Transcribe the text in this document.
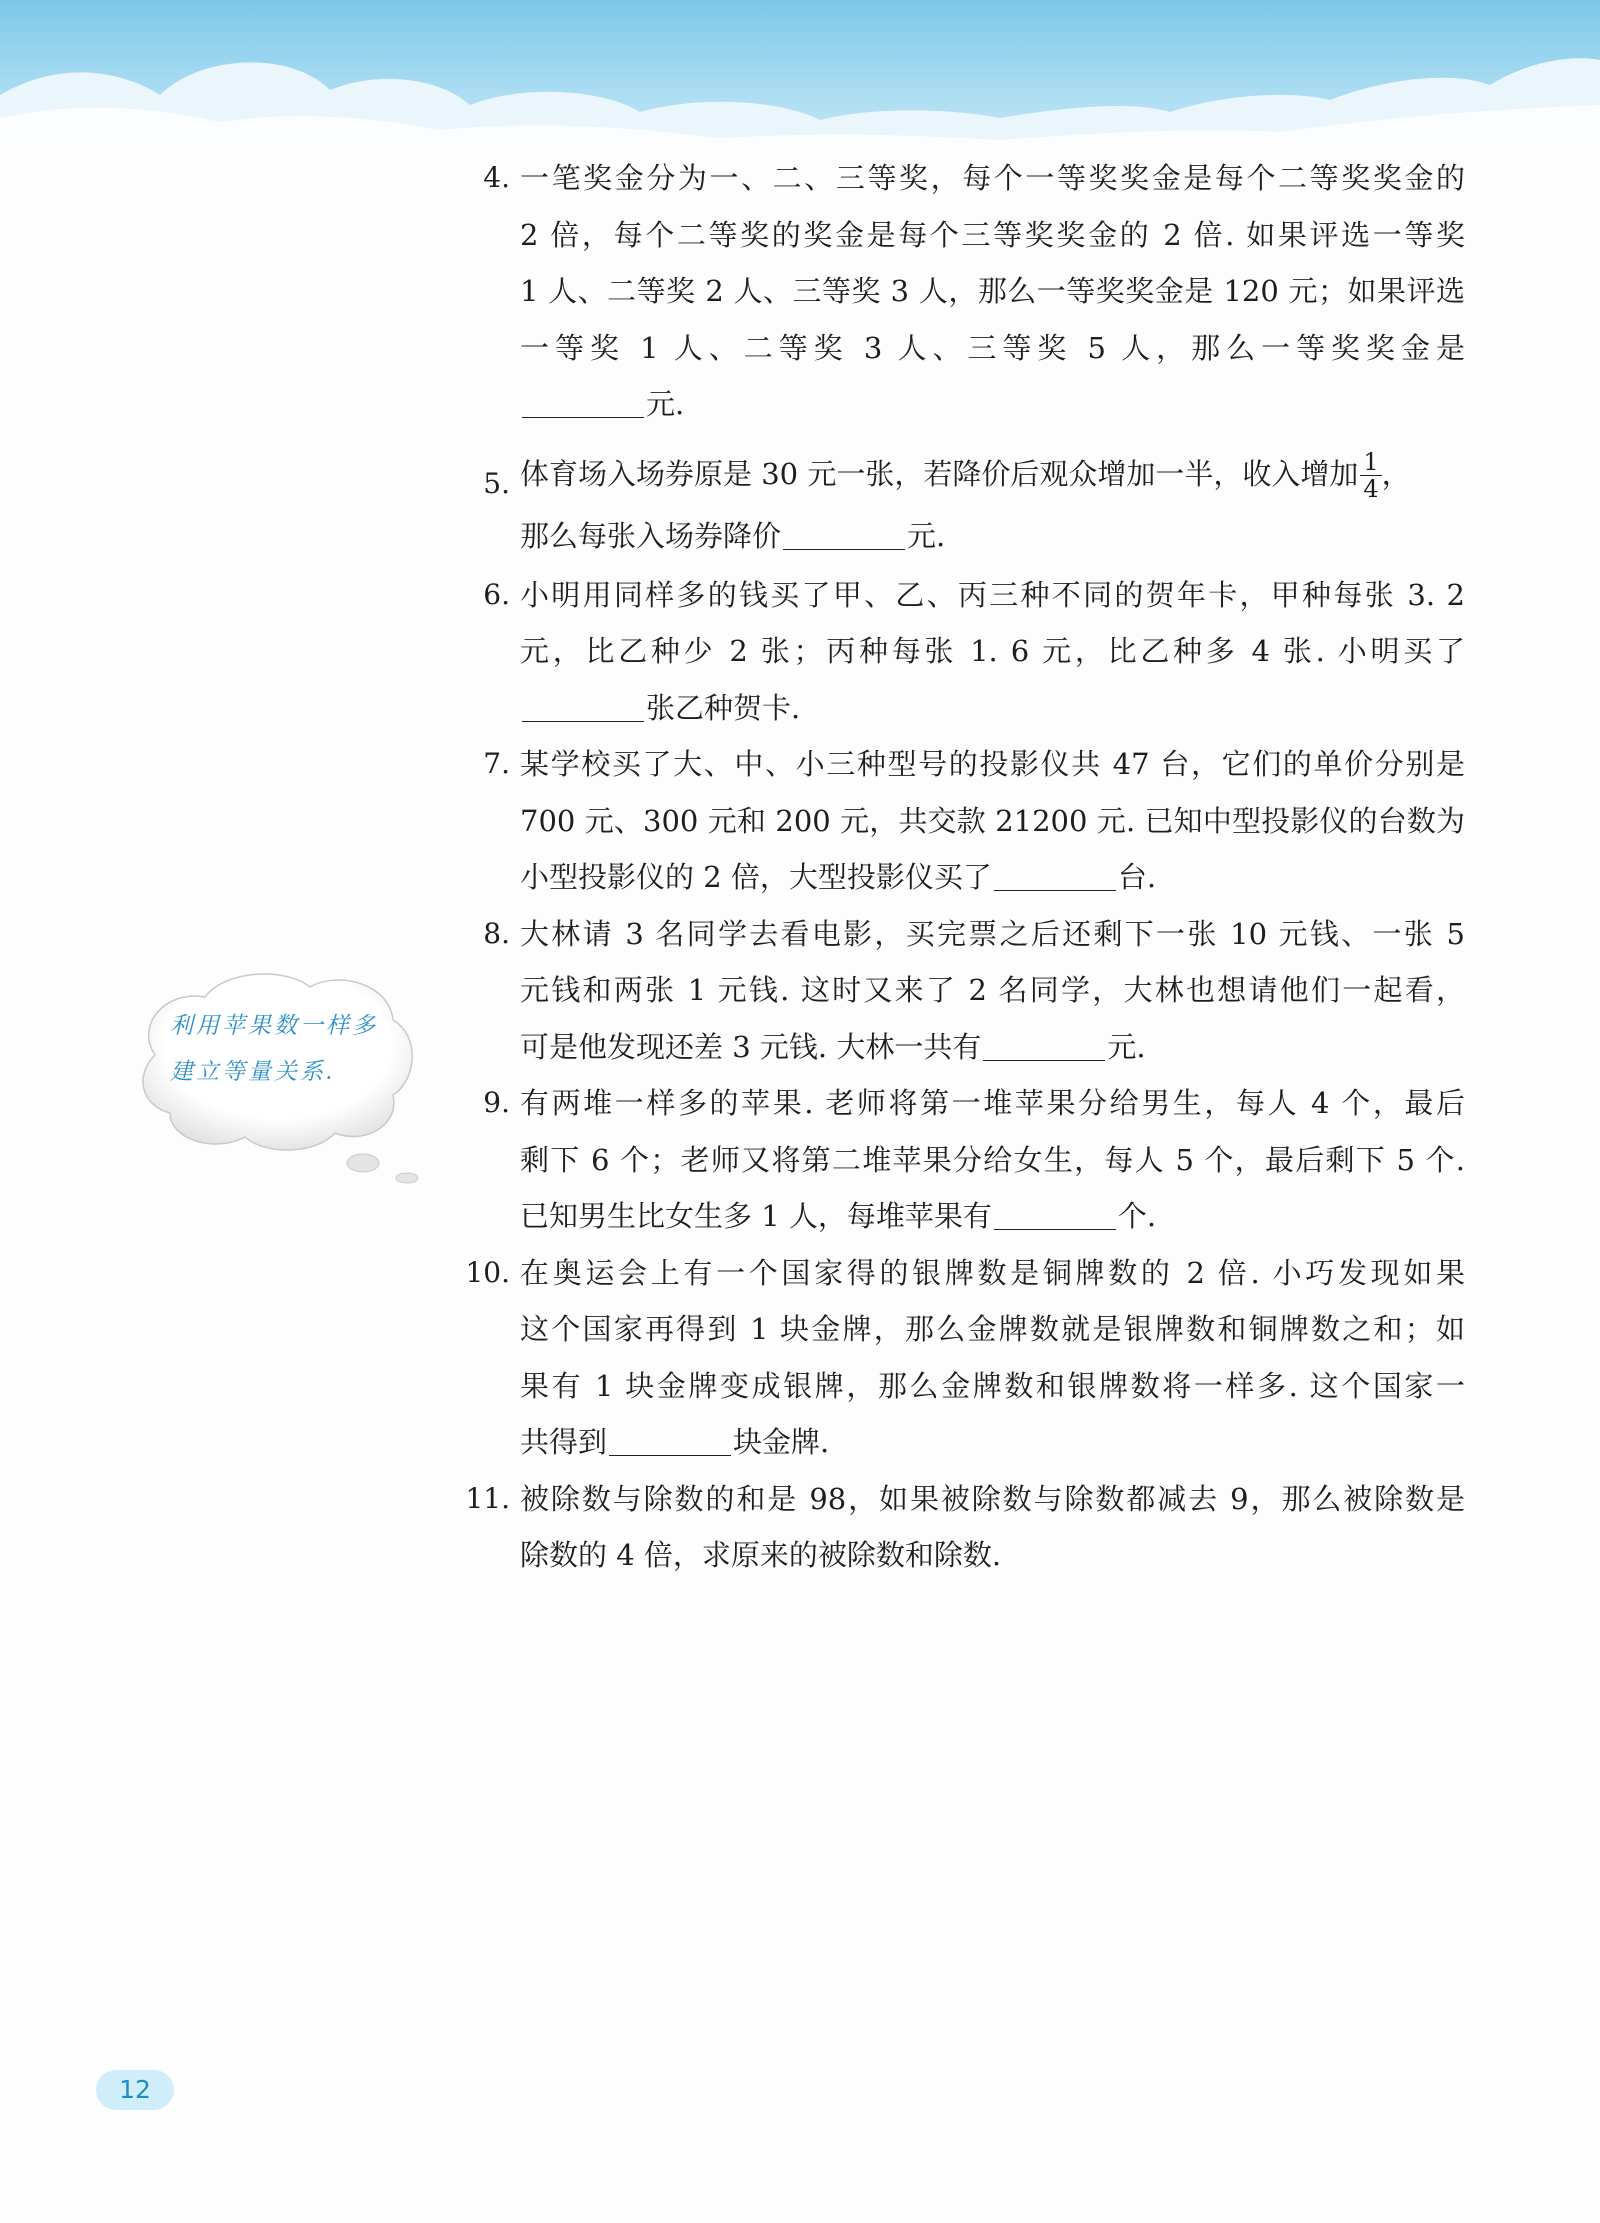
利用苹果数一样多
建立等量关系.
4. 一笔奖金分为一、二、三等奖，每个一等奖奖金是每个二等奖奖金的
2 倍，每个二等奖的奖金是每个三等奖奖金的 2 倍. 如果评选一等奖
1 人、二等奖 2 人、三等奖 3 人，那么一等奖奖金是 120 元；如果评选
一等奖 1 人、二等奖 3 人、三等奖 5 人，那么一等奖奖金是
元.
5. 体育场入场券原是 30 元一张，若降价后观众增加一半，收入增加 $\frac{1}{4}$ ，
那么每张入场券降价	元.
6. 小明用同样多的钱买了甲、乙、丙三种不同的贺年卡，甲种每张 3. 2
元，比乙种少 2 张；丙种每张 1. 6 元，比乙种多 4 张. 小明买了
张乙种贺卡.
7. 某学校买了大、中、小三种型号的投影仪共 47 台，它们的单价分别是
700 元、300 元和 200 元，共交款 21200 元. 已知中型投影仪的台数为
小型投影仪的 2 倍，大型投影仪买了	台.
8. 大林请 3 名同学去看电影，买完票之后还剩下一张 10 元钱、一张 5
元钱和两张 1 元钱. 这时又来了 2 名同学，大林也想请他们一起看，
可是他发现还差 3 元钱. 大林一共有	元.
9. 有两堆一样多的苹果. 老师将第一堆苹果分给男生，每人 4 个，最后
剩下 6 个；老师又将第二堆苹果分给女生，每人 5 个，最后剩下 5 个.
已知男生比女生多 1 人，每堆苹果有	个.
10. 在奥运会上有一个国家得的银牌数是铜牌数的 2 倍. 小巧发现如果
这个国家再得到 1 块金牌，那么金牌数就是银牌数和铜牌数之和；如
果有 1 块金牌变成银牌，那么金牌数和银牌数将一样多. 这个国家一
共得到	块金牌.
11. 被除数与除数的和是 98，如果被除数与除数都减去 9，那么被除数是
除数的 4 倍，求原来的被除数和除数.
12
